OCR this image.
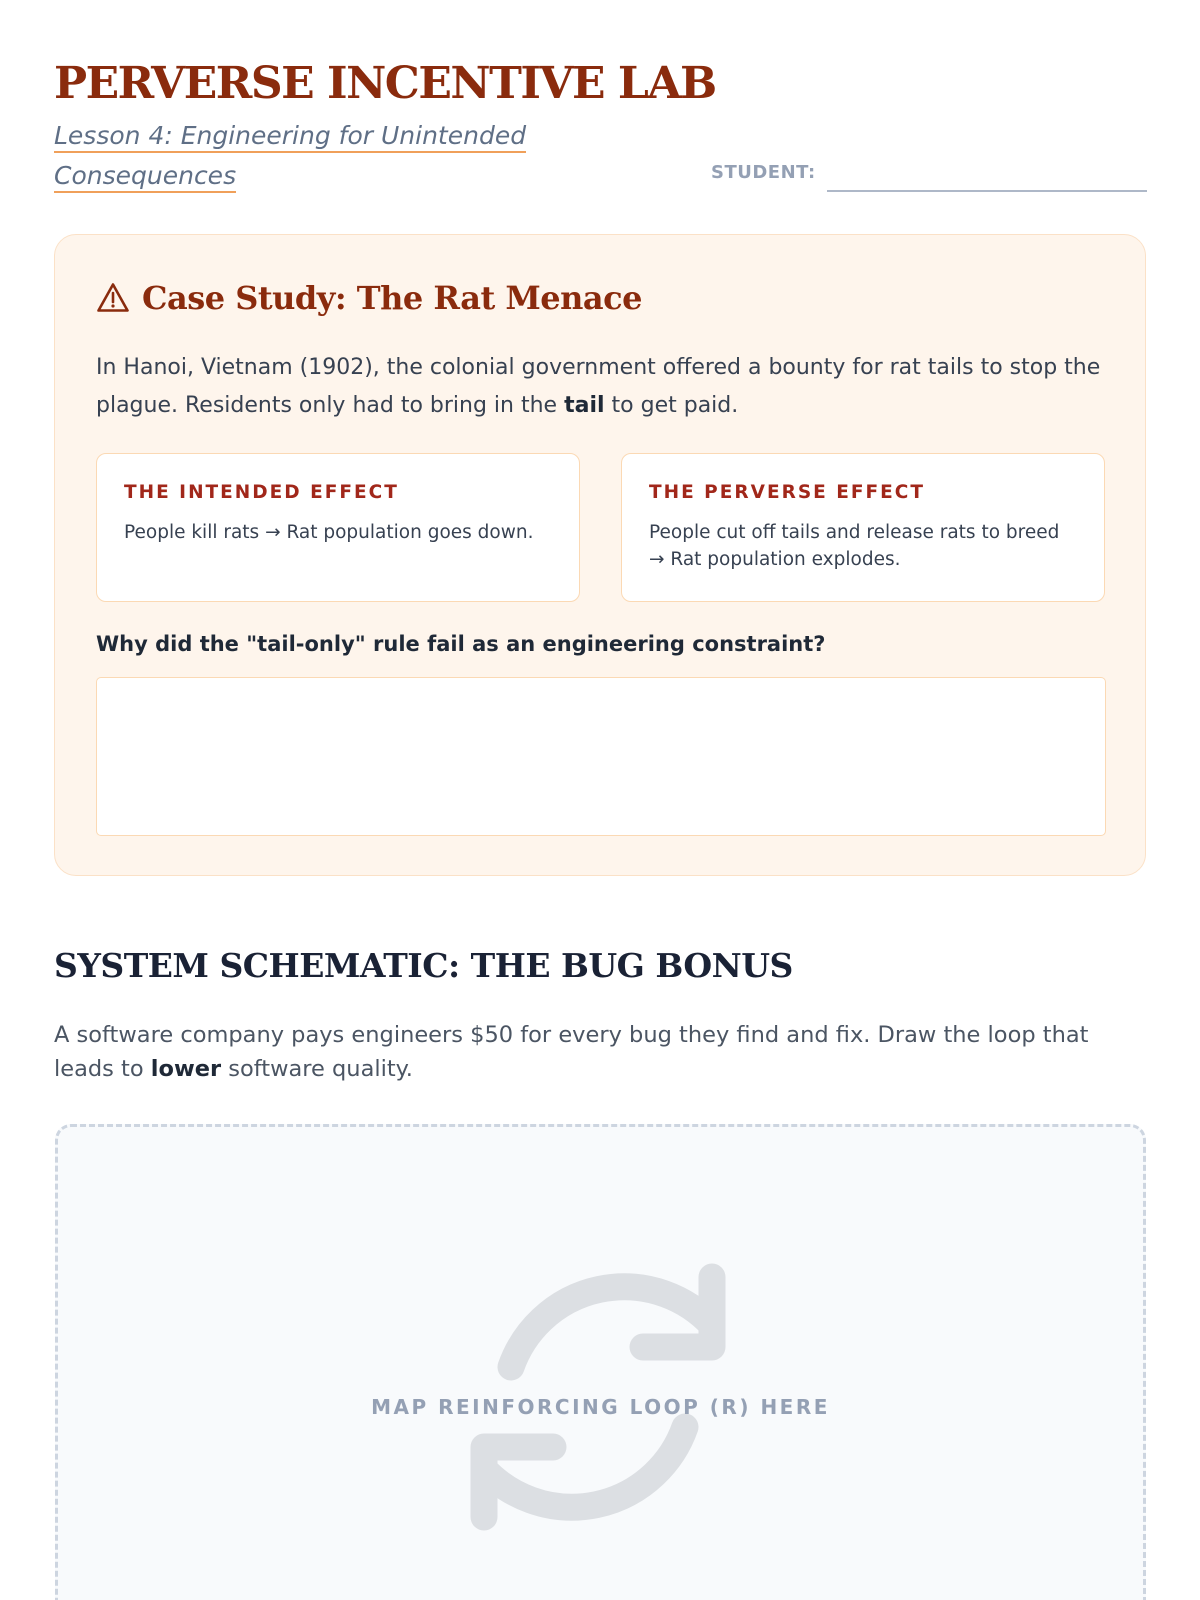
PERVERSE INCENTIVE LAB

Lesson 4: Engineering for Unintended
Consequences	STUDENT:
Case Study: The Rat Menace

In Hanoi, Vietnam (1902), the colonial government offered a bounty for rat tails to stop the plague. Residents only had to bring in the tail to get paid.

THE INTENDED EFFECT
People kill rats → Rat population goes down.
THE PERVERSE EFFECT
People cut off tails and release rats to breed → Rat population explodes.
Why did the "tail-only" rule fail as an engineering constraint?
SYSTEM SCHEMATIC: THE BUG BONUS

A software company pays engineers $50 for every bug they find and fix. Draw the loop that leads to lower software quality.

MAP REINFORCING LOOP (R) HERE
